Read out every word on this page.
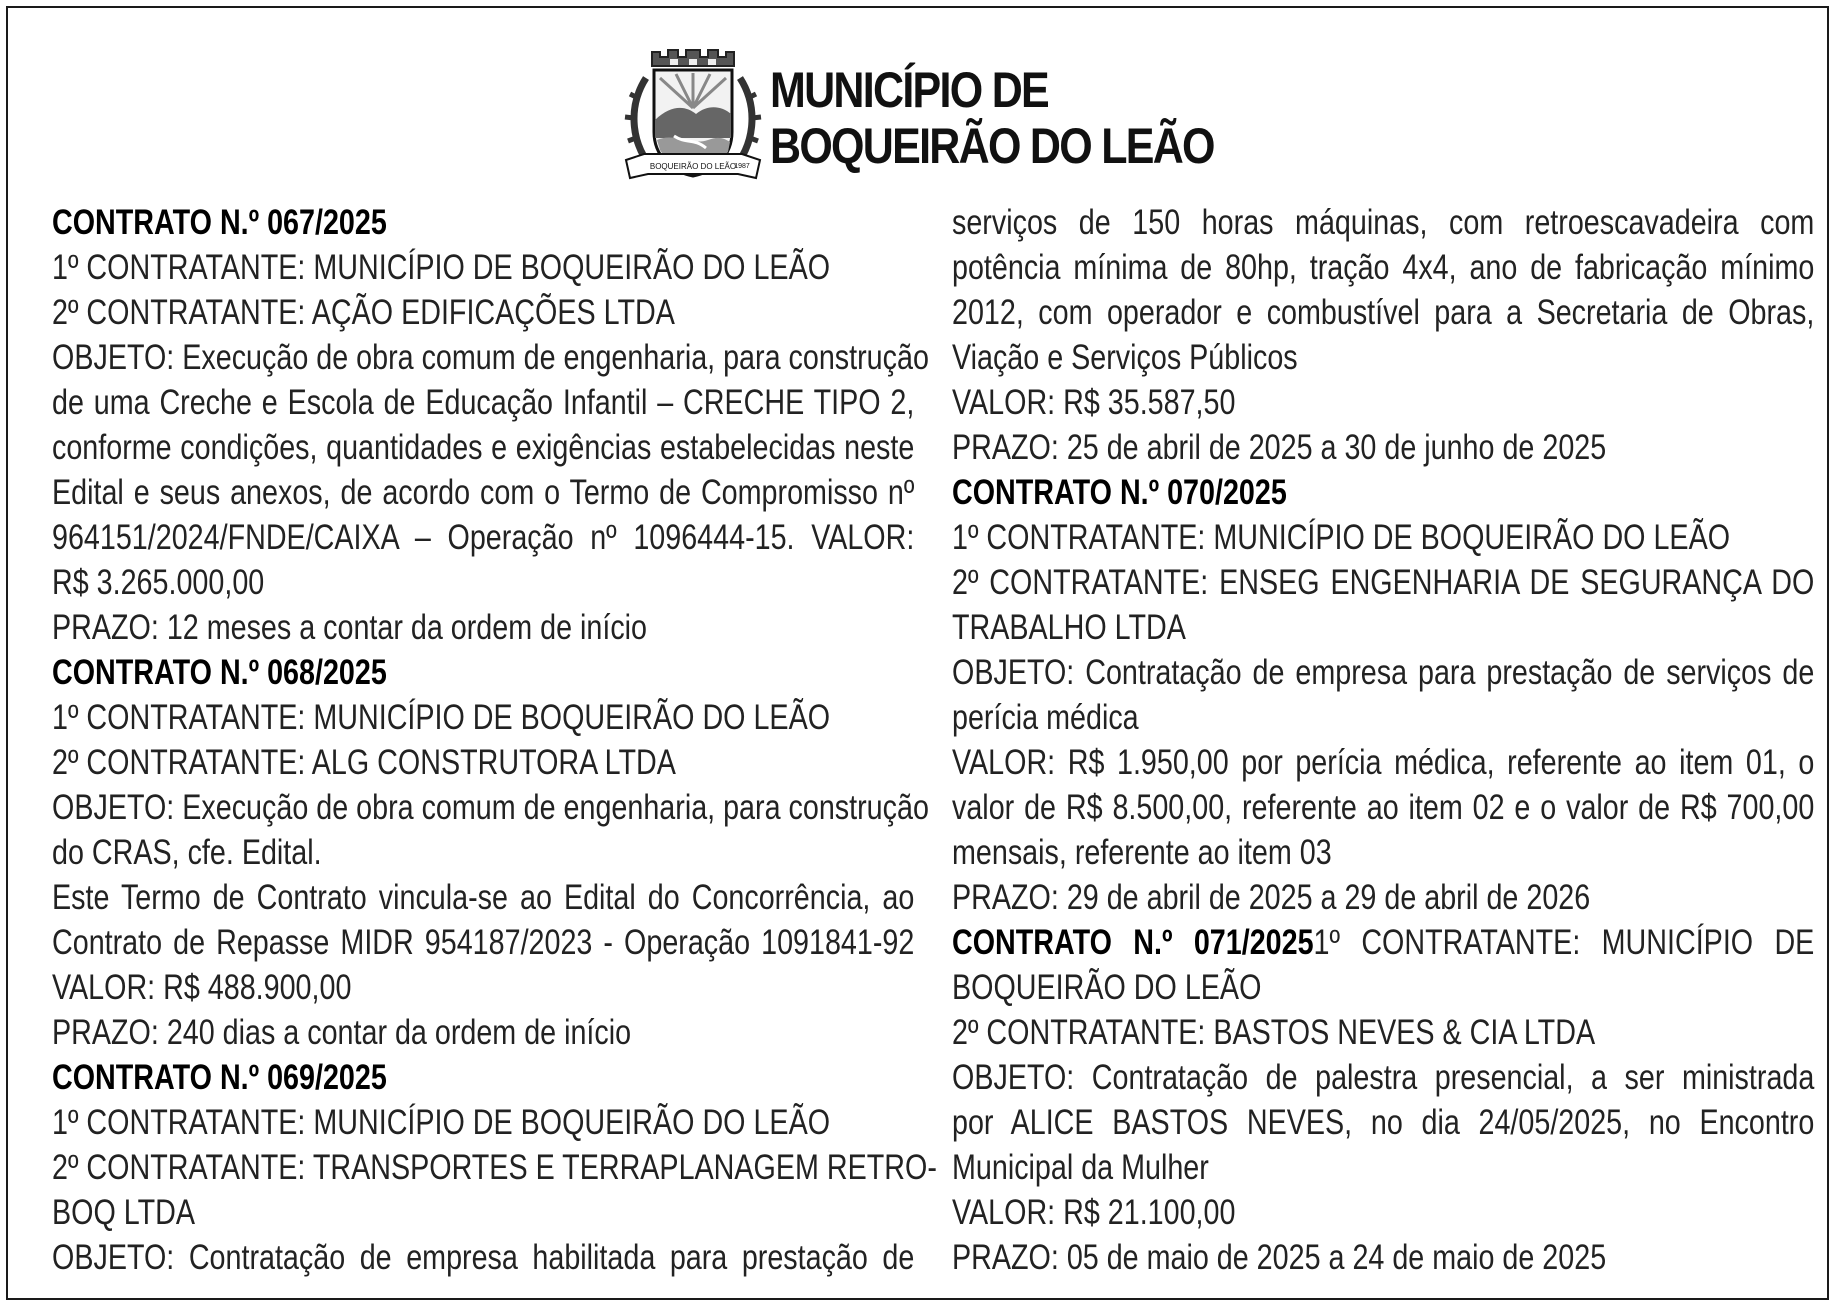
BOQUEIRÃO DO LEÃO
1987
MUNICÍPIO DE
BOQUEIRÃO DO LEÃO
CONTRATO N.º 067/2025
1º CONTRATANTE: MUNICÍPIO DE BOQUEIRÃO DO LEÃO
2º CONTRATANTE: AÇÃO EDIFICAÇÕES LTDA
OBJETO: Execução de obra comum de engenharia, para construção
de uma Creche e Escola de Educação Infantil – CRECHE TIPO 2,
conforme condições, quantidades e exigências estabelecidas neste
Edital e seus anexos, de acordo com o Termo de Compromisso nº
964151/2024/FNDE/CAIXA – Operação nº 1096444-15. VALOR:
R$ 3.265.000,00
PRAZO: 12 meses a contar da ordem de início
CONTRATO N.º 068/2025
1º CONTRATANTE: MUNICÍPIO DE BOQUEIRÃO DO LEÃO
2º CONTRATANTE: ALG CONSTRUTORA LTDA
OBJETO: Execução de obra comum de engenharia, para construção
do CRAS, cfe. Edital.
Este Termo de Contrato vincula-se ao Edital do Concorrência, ao
Contrato de Repasse MIDR 954187/2023 - Operação 1091841-92
VALOR: R$ 488.900,00
PRAZO: 240 dias a contar da ordem de início
CONTRATO N.º 069/2025
1º CONTRATANTE: MUNICÍPIO DE BOQUEIRÃO DO LEÃO
2º CONTRATANTE: TRANSPORTES E TERRAPLANAGEM RETRO-
BOQ LTDA
OBJETO: Contratação de empresa habilitada para prestação de
serviços de 150 horas máquinas, com retroescavadeira com
potência mínima de 80hp, tração 4x4, ano de fabricação mínimo
2012, com operador e combustível para a Secretaria de Obras,
Viação e Serviços Públicos
VALOR: R$ 35.587,50
PRAZO: 25 de abril de 2025 a 30 de junho de 2025
CONTRATO N.º 070/2025
1º CONTRATANTE: MUNICÍPIO DE BOQUEIRÃO DO LEÃO
2º CONTRATANTE: ENSEG ENGENHARIA DE SEGURANÇA DO
TRABALHO LTDA
OBJETO: Contratação de empresa para prestação de serviços de
perícia médica
VALOR: R$ 1.950,00 por perícia médica, referente ao item 01, o
valor de R$ 8.500,00, referente ao item 02 e o valor de R$ 700,00
mensais, referente ao item 03
PRAZO: 29 de abril de 2025 a 29 de abril de 2026
CONTRATO N.º 071/20251º CONTRATANTE: MUNICÍPIO DE
BOQUEIRÃO DO LEÃO
2º CONTRATANTE: BASTOS NEVES & CIA LTDA
OBJETO: Contratação de palestra presencial, a ser ministrada
por ALICE BASTOS NEVES, no dia 24/05/2025, no Encontro
Municipal da Mulher
VALOR: R$ 21.100,00
PRAZO: 05 de maio de 2025 a 24 de maio de 2025
